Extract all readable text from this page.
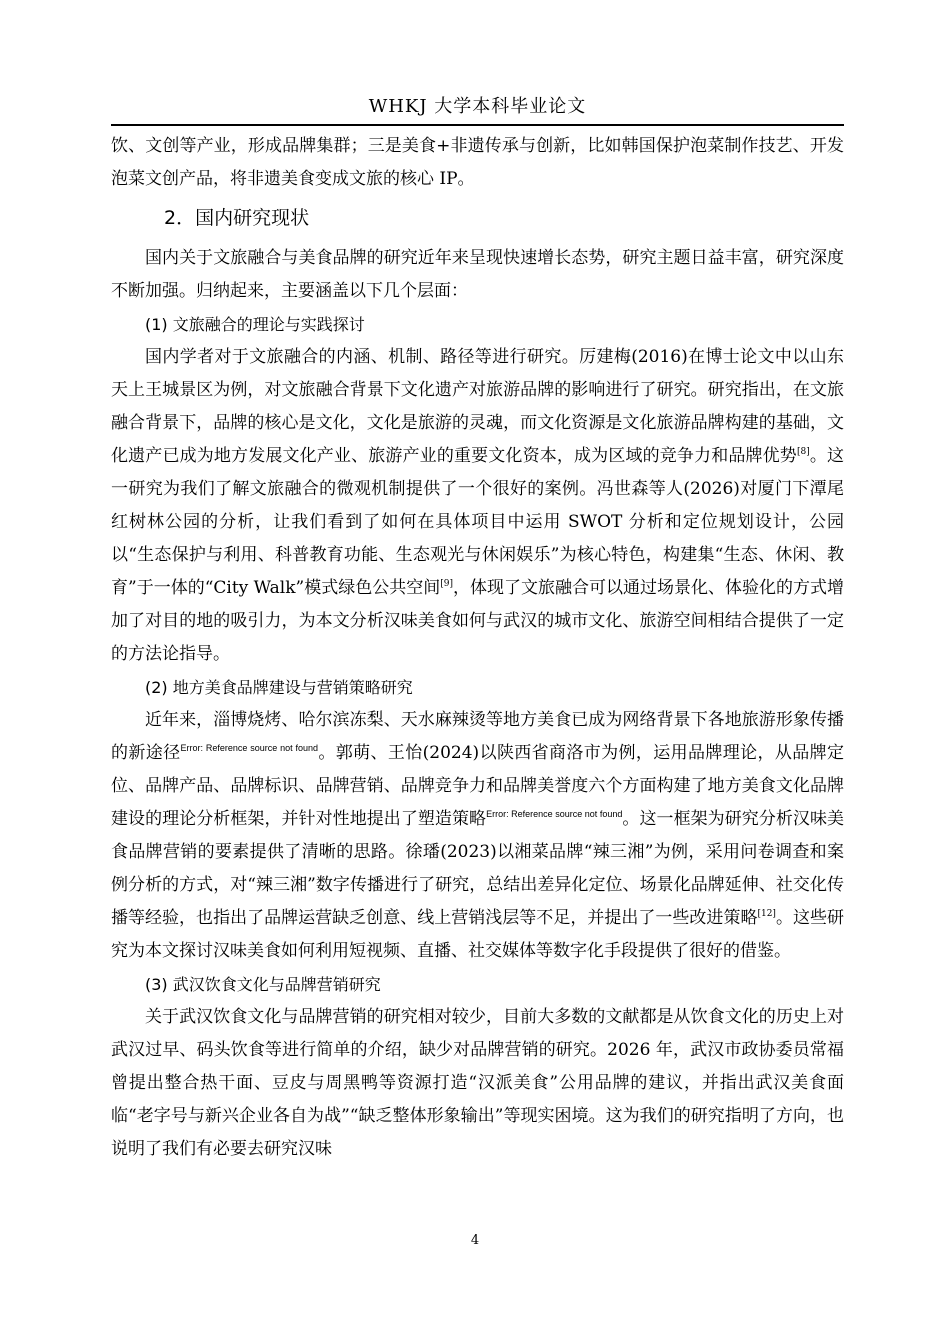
WHKJ 大学本科毕业论文

饮、文创等产业，形成品牌集群；三是美食+非遗传承与创新，比如韩国保护泡菜制作技艺、开发泡菜文创产品，将非遗美食变成文旅的核心 IP。

2．国内研究现状

国内关于文旅融合与美食品牌的研究近年来呈现快速增长态势，研究主题日益丰富，研究深度不断加强。归纳起来，主要涵盖以下几个层面：

(1) 文旅融合的理论与实践探讨

国内学者对于文旅融合的内涵、机制、路径等进行研究。厉建梅(2016)在博士论文中以山东天上王城景区为例，对文旅融合背景下文化遗产对旅游品牌的影响进行了研究。研究指出，在文旅融合背景下，品牌的核心是文化，文化是旅游的灵魂，而文化资源是文化旅游品牌构建的基础，文化遗产已成为地方发展文化产业、旅游产业的重要文化资本，成为区域的竞争力和品牌优势[8]。这一研究为我们了解文旅融合的微观机制提供了一个很好的案例。冯世森等人(2026)对厦门下潭尾红树林公园的分析，让我们看到了如何在具体项目中运用 SWOT 分析和定位规划设计，公园以“生态保护与利用、科普教育功能、生态观光与休闲娱乐”为核心特色，构建集“生态、休闲、教育”于一体的“City Walk”模式绿色公共空间[9]，体现了文旅融合可以通过场景化、体验化的方式增加了对目的地的吸引力，为本文分析汉味美食如何与武汉的城市文化、旅游空间相结合提供了一定的方法论指导。

(2) 地方美食品牌建设与营销策略研究

近年来，淄博烧烤、哈尔滨冻梨、天水麻辣烫等地方美食已成为网络背景下各地旅游形象传播的新途径$^{Error: Reference source not found}$。郭萌、王怡(2024)以陕西省商洛市为例，运用品牌理论，从品牌定位、品牌产品、品牌标识、品牌营销、品牌竞争力和品牌美誉度六个方面构建了地方美食文化品牌建设的理论分析框架，并针对性地提出了塑造策略$^{Error: Reference source not found}$。这一框架为研究分析汉味美食品牌营销的要素提供了清晰的思路。徐璠(2023)以湘菜品牌“辣三湘”为例，采用问卷调查和案例分析的方式，对“辣三湘”数字传播进行了研究，总结出差异化定位、场景化品牌延伸、社交化传播等经验，也指出了品牌运营缺乏创意、线上营销浅层等不足，并提出了一些改进策略[12]。这些研究为本文探讨汉味美食如何利用短视频、直播、社交媒体等数字化手段提供了很好的借鉴。

(3) 武汉饮食文化与品牌营销研究

关于武汉饮食文化与品牌营销的研究相对较少，目前大多数的文献都是从饮食文化的历史上对武汉过早、码头饮食等进行简单的介绍，缺少对品牌营销的研究。2026 年，武汉市政协委员常福曾提出整合热干面、豆皮与周黑鸭等资源打造“汉派美食”公用品牌的建议，并指出武汉美食面临“老字号与新兴企业各自为战”“缺乏整体形象输出”等现实困境。这为我们的研究指明了方向，也说明了我们有必要去研究汉味

4
